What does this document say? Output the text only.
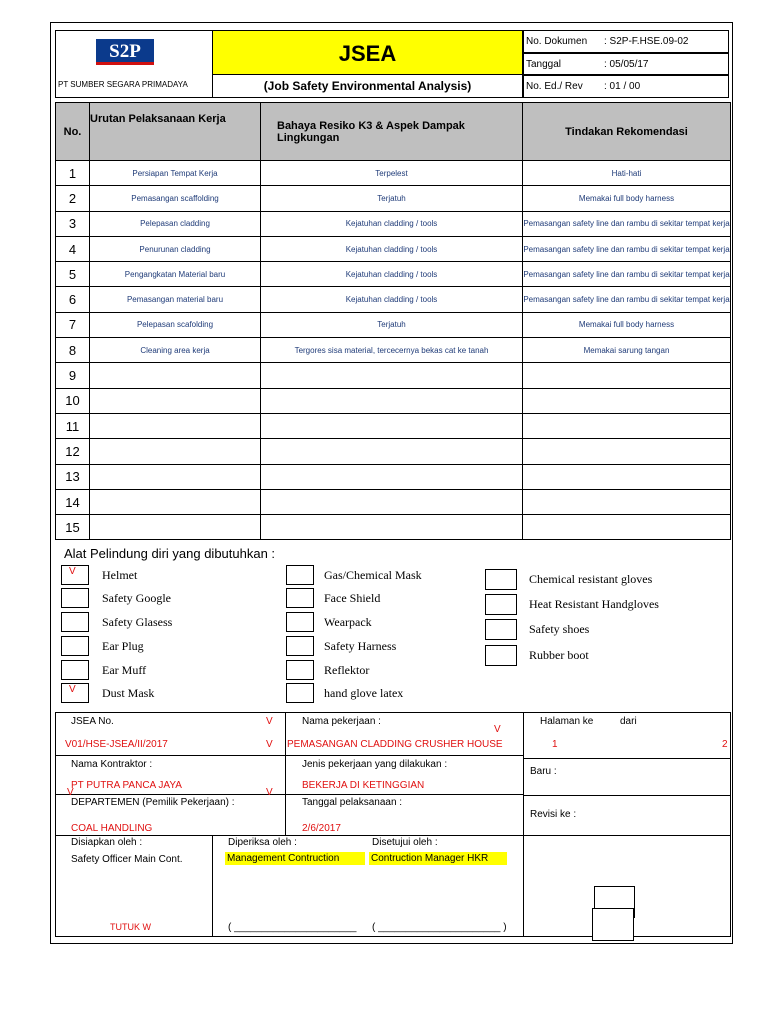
S2P
PT SUMBER SEGARA PRIMADAYA
JSEA
(Job Safety Environmental Analysis)
No. Dokumen : S2P-F.HSE.09-02
Tanggal	: 05/05/17
No. Ed./ Rev : 01 / 00
No.	Urutan Pelaksanaan Kerja	Bahaya Resiko K3 & Aspek Dampak Lingkungan	Tindakan Rekomendasi
1	Persiapan Tempat Kerja	Terpelest	Hati-hati
2	Pemasangan scaffolding	Terjatuh	Memakai full body harness
3	Pelepasan cladding	Kejatuhan cladding / tools	Pemasangan safety line dan rambu di sekitar tempat kerja
4	Penurunan cladding	Kejatuhan cladding / tools	Pemasangan safety line dan rambu di sekitar tempat kerja
5	Pengangkatan Material baru	Kejatuhan cladding / tools	Pemasangan safety line dan rambu di sekitar tempat kerja
6	Pemasangan material baru	Kejatuhan cladding / tools	Pemasangan safety line dan rambu di sekitar tempat kerja
7	Pelepasan scafolding	Terjatuh	Memakai full body harness
8	Cleaning area kerja	Tergores sisa material, tercecernya bekas cat ke tanah	Memakai sarung tangan
9			
10			
11			
12			
13			
14			
15			
Alat Pelindung diri yang dibutuhkan :
V	Helmet
Safety Google
Safety Glasess
Ear Plug
Ear Muff
V	Dust Mask
Gas/Chemical Mask
Face Shield
Wearpack
Safety Harness
Reflektor
hand glove latex
Chemical resistant gloves
Heat Resistant Handgloves
Safety shoes
Rubber boot
JSEA No.	V
V01/HSE-JSEA/II/2017	V
Nama pekerjaan :
V
PEMASANGAN CLADDING CRUSHER HOUSE
Halaman ke	dari
1	2
Nama Kontraktor :
PT PUTRA PANCA JAYA
V	V
Jenis pekerjaan yang dilakukan :
BEKERJA DI KETINGGIAN
Baru :
DEPARTEMEN (Pemilik Pekerjaan) :
COAL HANDLING
Tanggal pelaksanaan :
2/6/2017
Revisi ke :
Disiapkan oleh :
Safety Officer Main Cont.
TUTUK W
Diperiksa oleh :
Management Contruction
Disetujui oleh :
Contruction Manager HKR
( ______________________ ( ______________________ )
